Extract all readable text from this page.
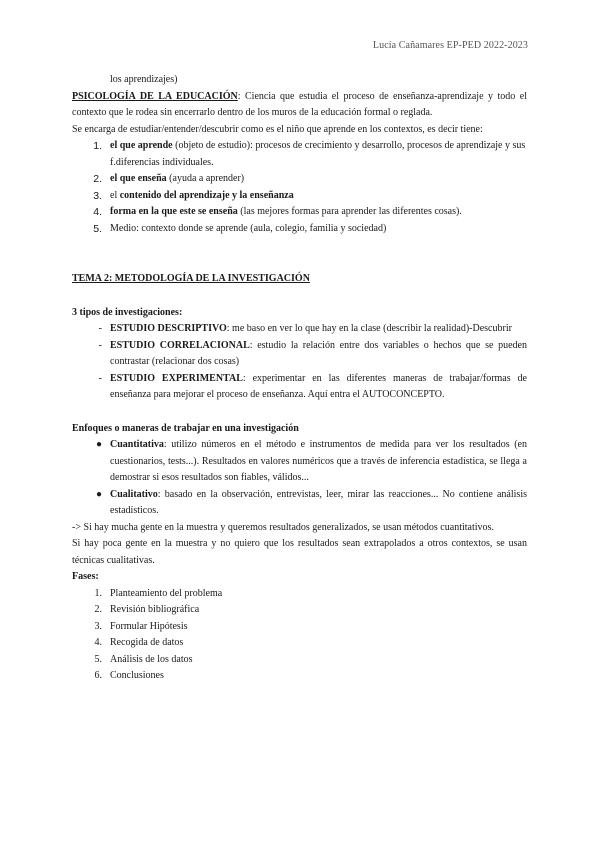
Lucía Cañamares EP-PED 2022-2023

los aprendizajes)

PSICOLOGÍA DE LA EDUCACIÓN: Ciencia que estudia el proceso de enseñanza-aprendizaje y todo el contexto que le rodea sin encerrarlo dentro de los muros de la educación formal o reglada.

Se encarga de estudiar/entender/descubrir como es el niño que aprende en los contextos, es decir tiene:

1. el que aprende (objeto de estudio): procesos de crecimiento y desarrollo, procesos de aprendizaje y sus f.diferencias individuales.
2. el que enseña (ayuda a aprender)
3. el contenido del aprendizaje y la enseñanza
4. forma en la que este se enseña (las mejores formas para aprender las diferentes cosas).
5. Medio: contexto donde se aprende (aula, colegio, familia y sociedad)

TEMA 2: METODOLOGÍA DE LA INVESTIGACIÓN

3 tipos de investigaciones:

- ESTUDIO DESCRIPTIVO: me baso en ver lo que hay en la clase (describir la realidad)-Descubrir
- ESTUDIO CORRELACIONAL: estudio la relación entre dos variables o hechos que se pueden contrastar (relacionar dos cosas)
- ESTUDIO EXPERIMENTAL: experimentar en las diferentes maneras de trabajar/formas de enseñanza para mejorar el proceso de enseñanza. Aquí entra el AUTOCONCEPTO.

Enfoques o maneras de trabajar en una investigación

● Cuantitativa: utilizo números en el método e instrumentos de medida para ver los resultados (en cuestionarios, tests...). Resultados en valores numéricos que a través de inferencia estadística, se llega a demostrar si esos resultados son fiables, válidos...
● Cualitativo: basado en la observación, entrevistas, leer, mirar las reacciones... No contiene análisis estadísticos.

-> Si hay mucha gente en la muestra y queremos resultados generalizados, se usan métodos cuantitativos.

Si hay poca gente en la muestra y no quiero que los resultados sean extrapolados a otros contextos, se usan técnicas cualitativas.

Fases:

1. Planteamiento del problema
2. Revisión bibliográfica
3. Formular Hipótesis
4. Recogida de datos
5. Análisis de los datos
6. Conclusiones
